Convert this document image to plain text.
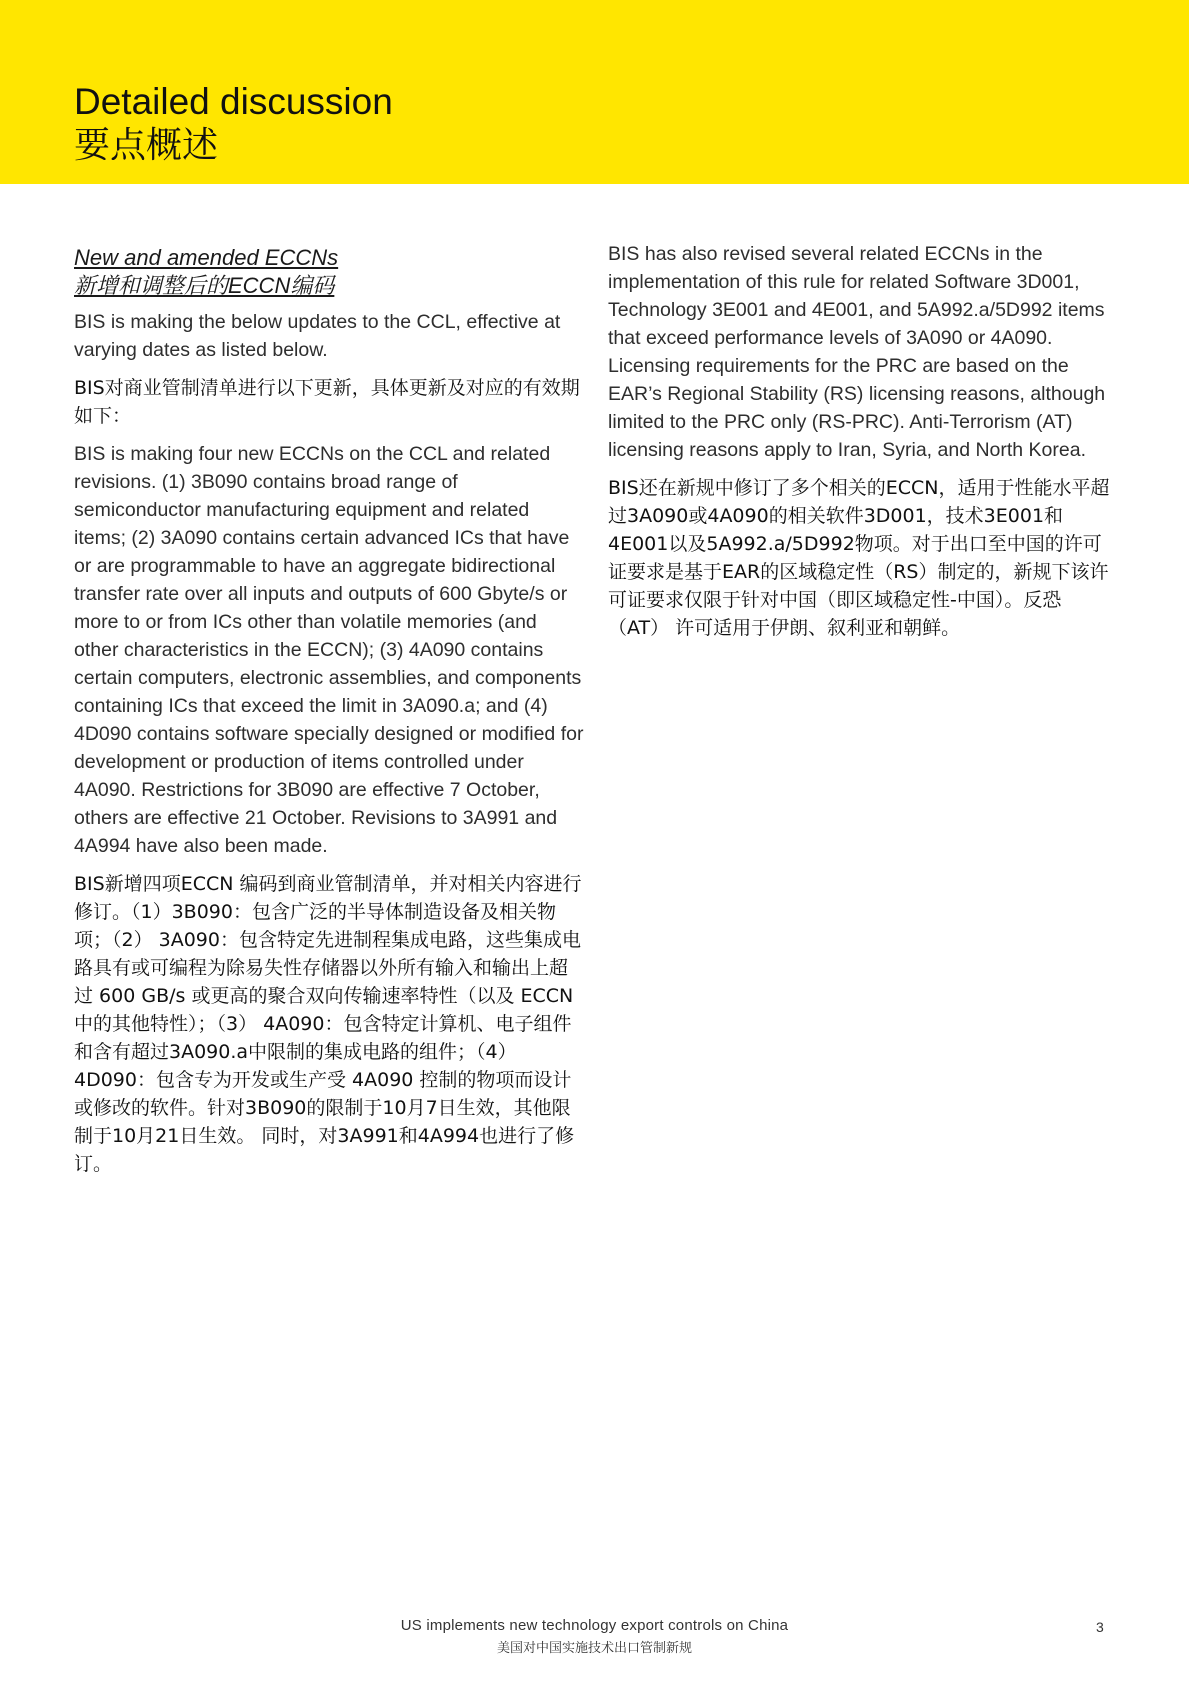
Detailed discussion
要点概述
New and amended ECCNs
新增和调整后的ECCN编码

BIS is making the below updates to the CCL, effective at varying dates as listed below.

BIS对商业管制清单进行以下更新，具体更新及对应的有效期如下：

BIS is making four new ECCNs on the CCL and related revisions. (1) 3B090 contains broad range of semiconductor manufacturing equipment and related items; (2) 3A090 contains certain advanced ICs that have or are programmable to have an aggregate bidirectional transfer rate over all inputs and outputs of 600 Gbyte/s or more to or from ICs other than volatile memories (and other characteristics in the ECCN); (3) 4A090 contains certain computers, electronic assemblies, and components containing ICs that exceed the limit in 3A090.a; and (4) 4D090 contains software specially designed or modified for development or production of items controlled under 4A090. Restrictions for 3B090 are effective 7 October, others are effective 21 October. Revisions to 3A991 and 4A994 have also been made.

BIS新增四项ECCN 编码到商业管制清单，并对相关内容进行修订。（1）3B090：包含广泛的半导体制造设备及相关物项；（2） 3A090：包含特定先进制程集成电路，这些集成电路具有或可编程为除易失性存储器以外所有输入和输出上超过 600 GB/s 或更高的聚合双向传输速率特性（以及 ECCN 中的其他特性）；（3） 4A090：包含特定计算机、电子组件和含有超过3A090.a中限制的集成电路的组件；（4） 4D090：包含专为开发或生产受 4A090 控制的物项而设计或修改的软件。针对3B090的限制于10月7日生效，其他限制于10月21日生效。 同时，对3A991和4A994也进行了修订。

BIS has also revised several related ECCNs in the implementation of this rule for related Software 3D001, Technology 3E001 and 4E001, and 5A992.a/5D992 items that exceed performance levels of 3A090 or 4A090. Licensing requirements for the PRC are based on the EAR’s Regional Stability (RS) licensing reasons, although limited to the PRC only (RS-PRC). Anti-Terrorism (AT) licensing reasons apply to Iran, Syria, and North Korea.

BIS还在新规中修订了多个相关的ECCN，适用于性能水平超过3A090或4A090的相关软件3D001，技术3E001和4E001以及5A992.a/5D992物项。对于出口至中国的许可证要求是基于EAR的区域稳定性（RS）制定的，新规下该许可证要求仅限于针对中国（即区域稳定性-中国）。反恐 （AT） 许可适用于伊朗、叙利亚和朝鲜。

US implements new technology export controls on China
美国对中国实施技术出口管制新规
3
